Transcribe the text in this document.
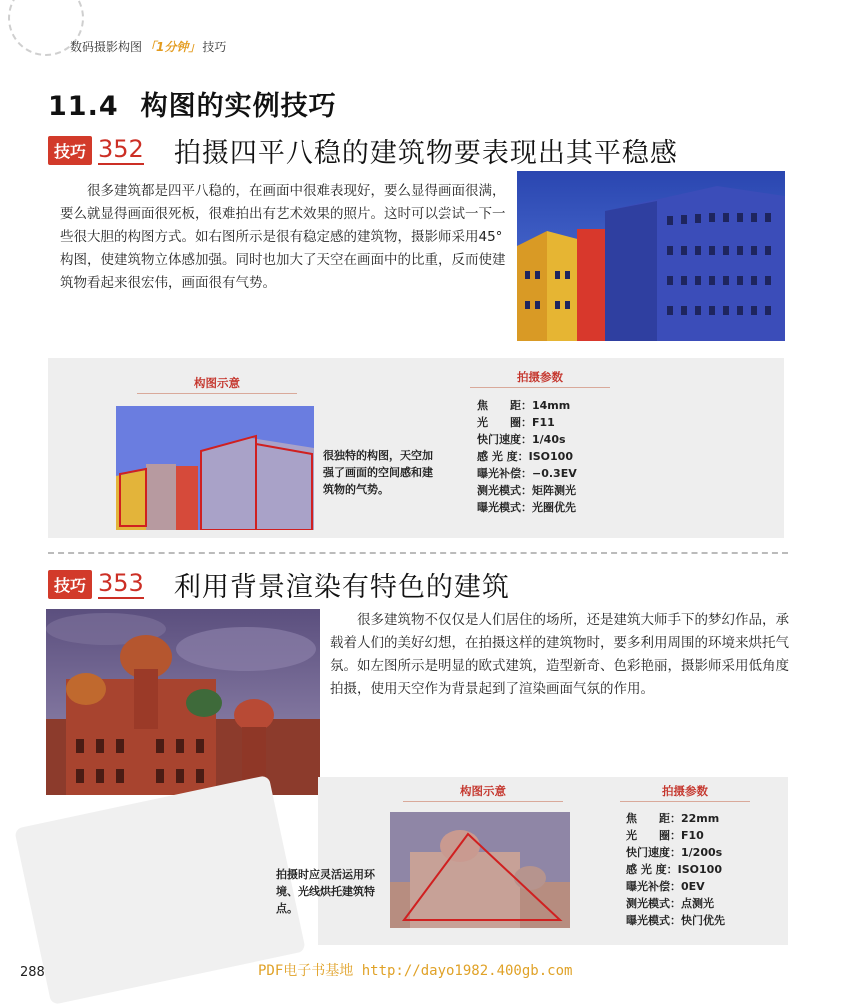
数码摄影构图 「1分钟」 技巧
11.4 构图的实例技巧
技巧 352 拍摄四平八稳的建筑物要表现出其平稳感

很多建筑都是四平八稳的，在画面中很难表现好，要么显得画面很满，要么就显得画面很死板，很难拍出有艺术效果的照片。这时可以尝试一下一些很大胆的构图方式。如右图所示是很有稳定感的建筑物，摄影师采用45°构图，使建筑物立体感加强。同时也加大了天空在画面中的比重，反而使建筑物看起来很宏伟，画面很有气势。

构图示意	拍摄参数
很独特的构图，天空加强了画面的空间感和建筑物的气势。
焦　　距：14mm
光　　圈：F11
快门速度：1/40s
感 光 度：ISO100
曝光补偿：−0.3EV
测光模式：矩阵测光
曝光模式：光圈优先
技巧 353 利用背景渲染有特色的建筑

很多建筑物不仅仅是人们居住的场所，还是建筑大师手下的梦幻作品，承载着人们的美好幻想，在拍摄这样的建筑物时，要多利用周围的环境来烘托气氛。如左图所示是明显的欧式建筑，造型新奇、色彩艳丽，摄影师采用低角度拍摄，使用天空作为背景起到了渲染画面气氛的作用。

构图示意	拍摄参数
拍摄时应灵活运用环境、光线烘托建筑特点。
焦　　距：22mm
光　　圈：F10
快门速度：1/200s
感 光 度：ISO100
曝光补偿：0EV
测光模式：点测光
曝光模式：快门优先
288	PDF电子书基地 http://dayo1982.400gb.com
